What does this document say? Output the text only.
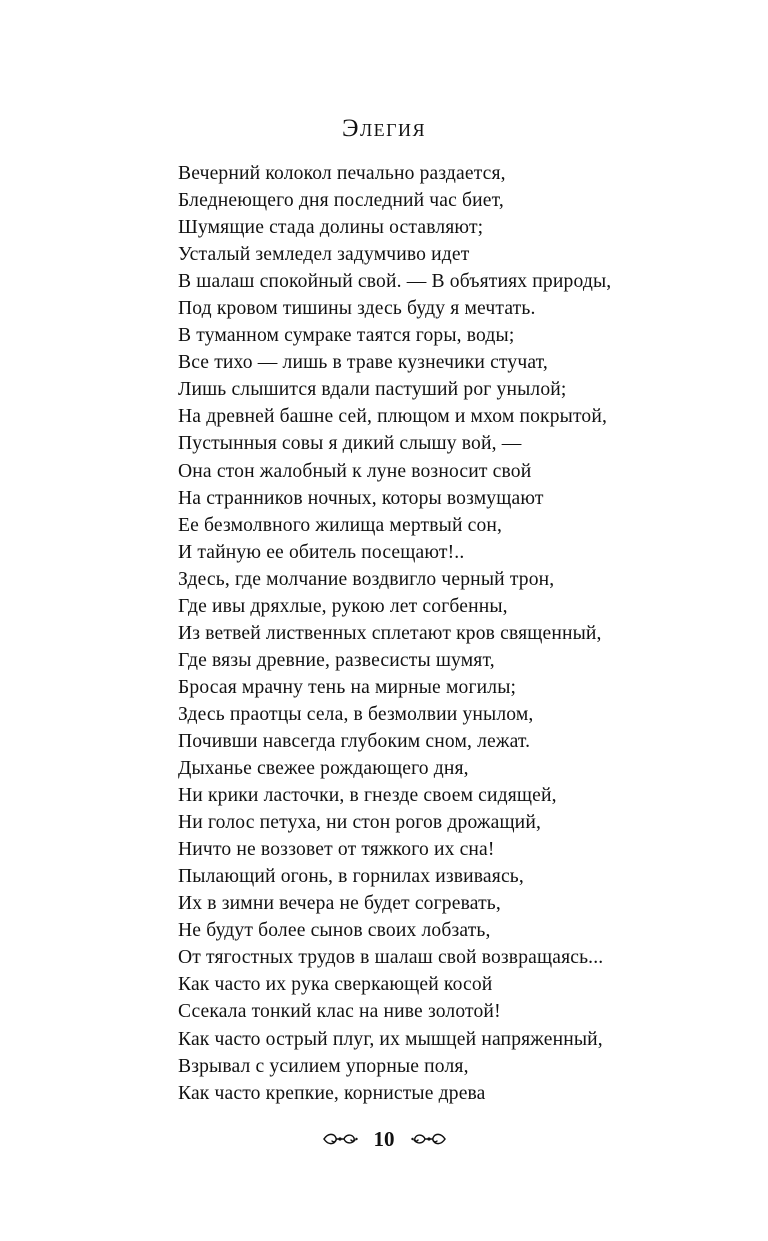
Элегия
Вечерний колокол печально раздается,
Бледнеющего дня последний час биет,
Шумящие стада долины оставляют;
Усталый земледел задумчиво идет
В шалаш спокойный свой. — В объятиях природы,
Под кровом тишины здесь буду я мечтать.
В туманном сумраке таятся горы, воды;
Все тихо — лишь в траве кузнечики стучат,
Лишь слышится вдали пастуший рог унылой;
На древней башне сей, плющом и мхом покрытой,
Пустынныя совы я дикий слышу вой, —
Она стон жалобный к луне возносит свой
На странников ночных, которы возмущают
Ее безмолвного жилища мертвый сон,
И тайную ее обитель посещают!..
Здесь, где молчание воздвигло черный трон,
Где ивы дряхлые, рукою лет согбенны,
Из ветвей лиственных сплетают кров священный,
Где вязы древние, развесисты шумят,
Бросая мрачну тень на мирные могилы;
Здесь праотцы села, в безмолвии унылом,
Почивши навсегда глубоким сном, лежат.
Дыханье свежее рождающего дня,
Ни крики ласточки, в гнезде своем сидящей,
Ни голос петуха, ни стон рогов дрожащий,
Ничто не воззовет от тяжкого их сна!
Пылающий огонь, в горнилах извиваясь,
Их в зимни вечера не будет согревать,
Не будут более сынов своих лобзать,
От тягостных трудов в шалаш свой возвращаясь...
Как часто их рука сверкающей косой
Ссекала тонкий клас на ниве золотой!
Как часто острый плуг, их мышцей напряженный,
Взрывал с усилием упорные поля,
Как часто крепкие, корнистые древа
10
